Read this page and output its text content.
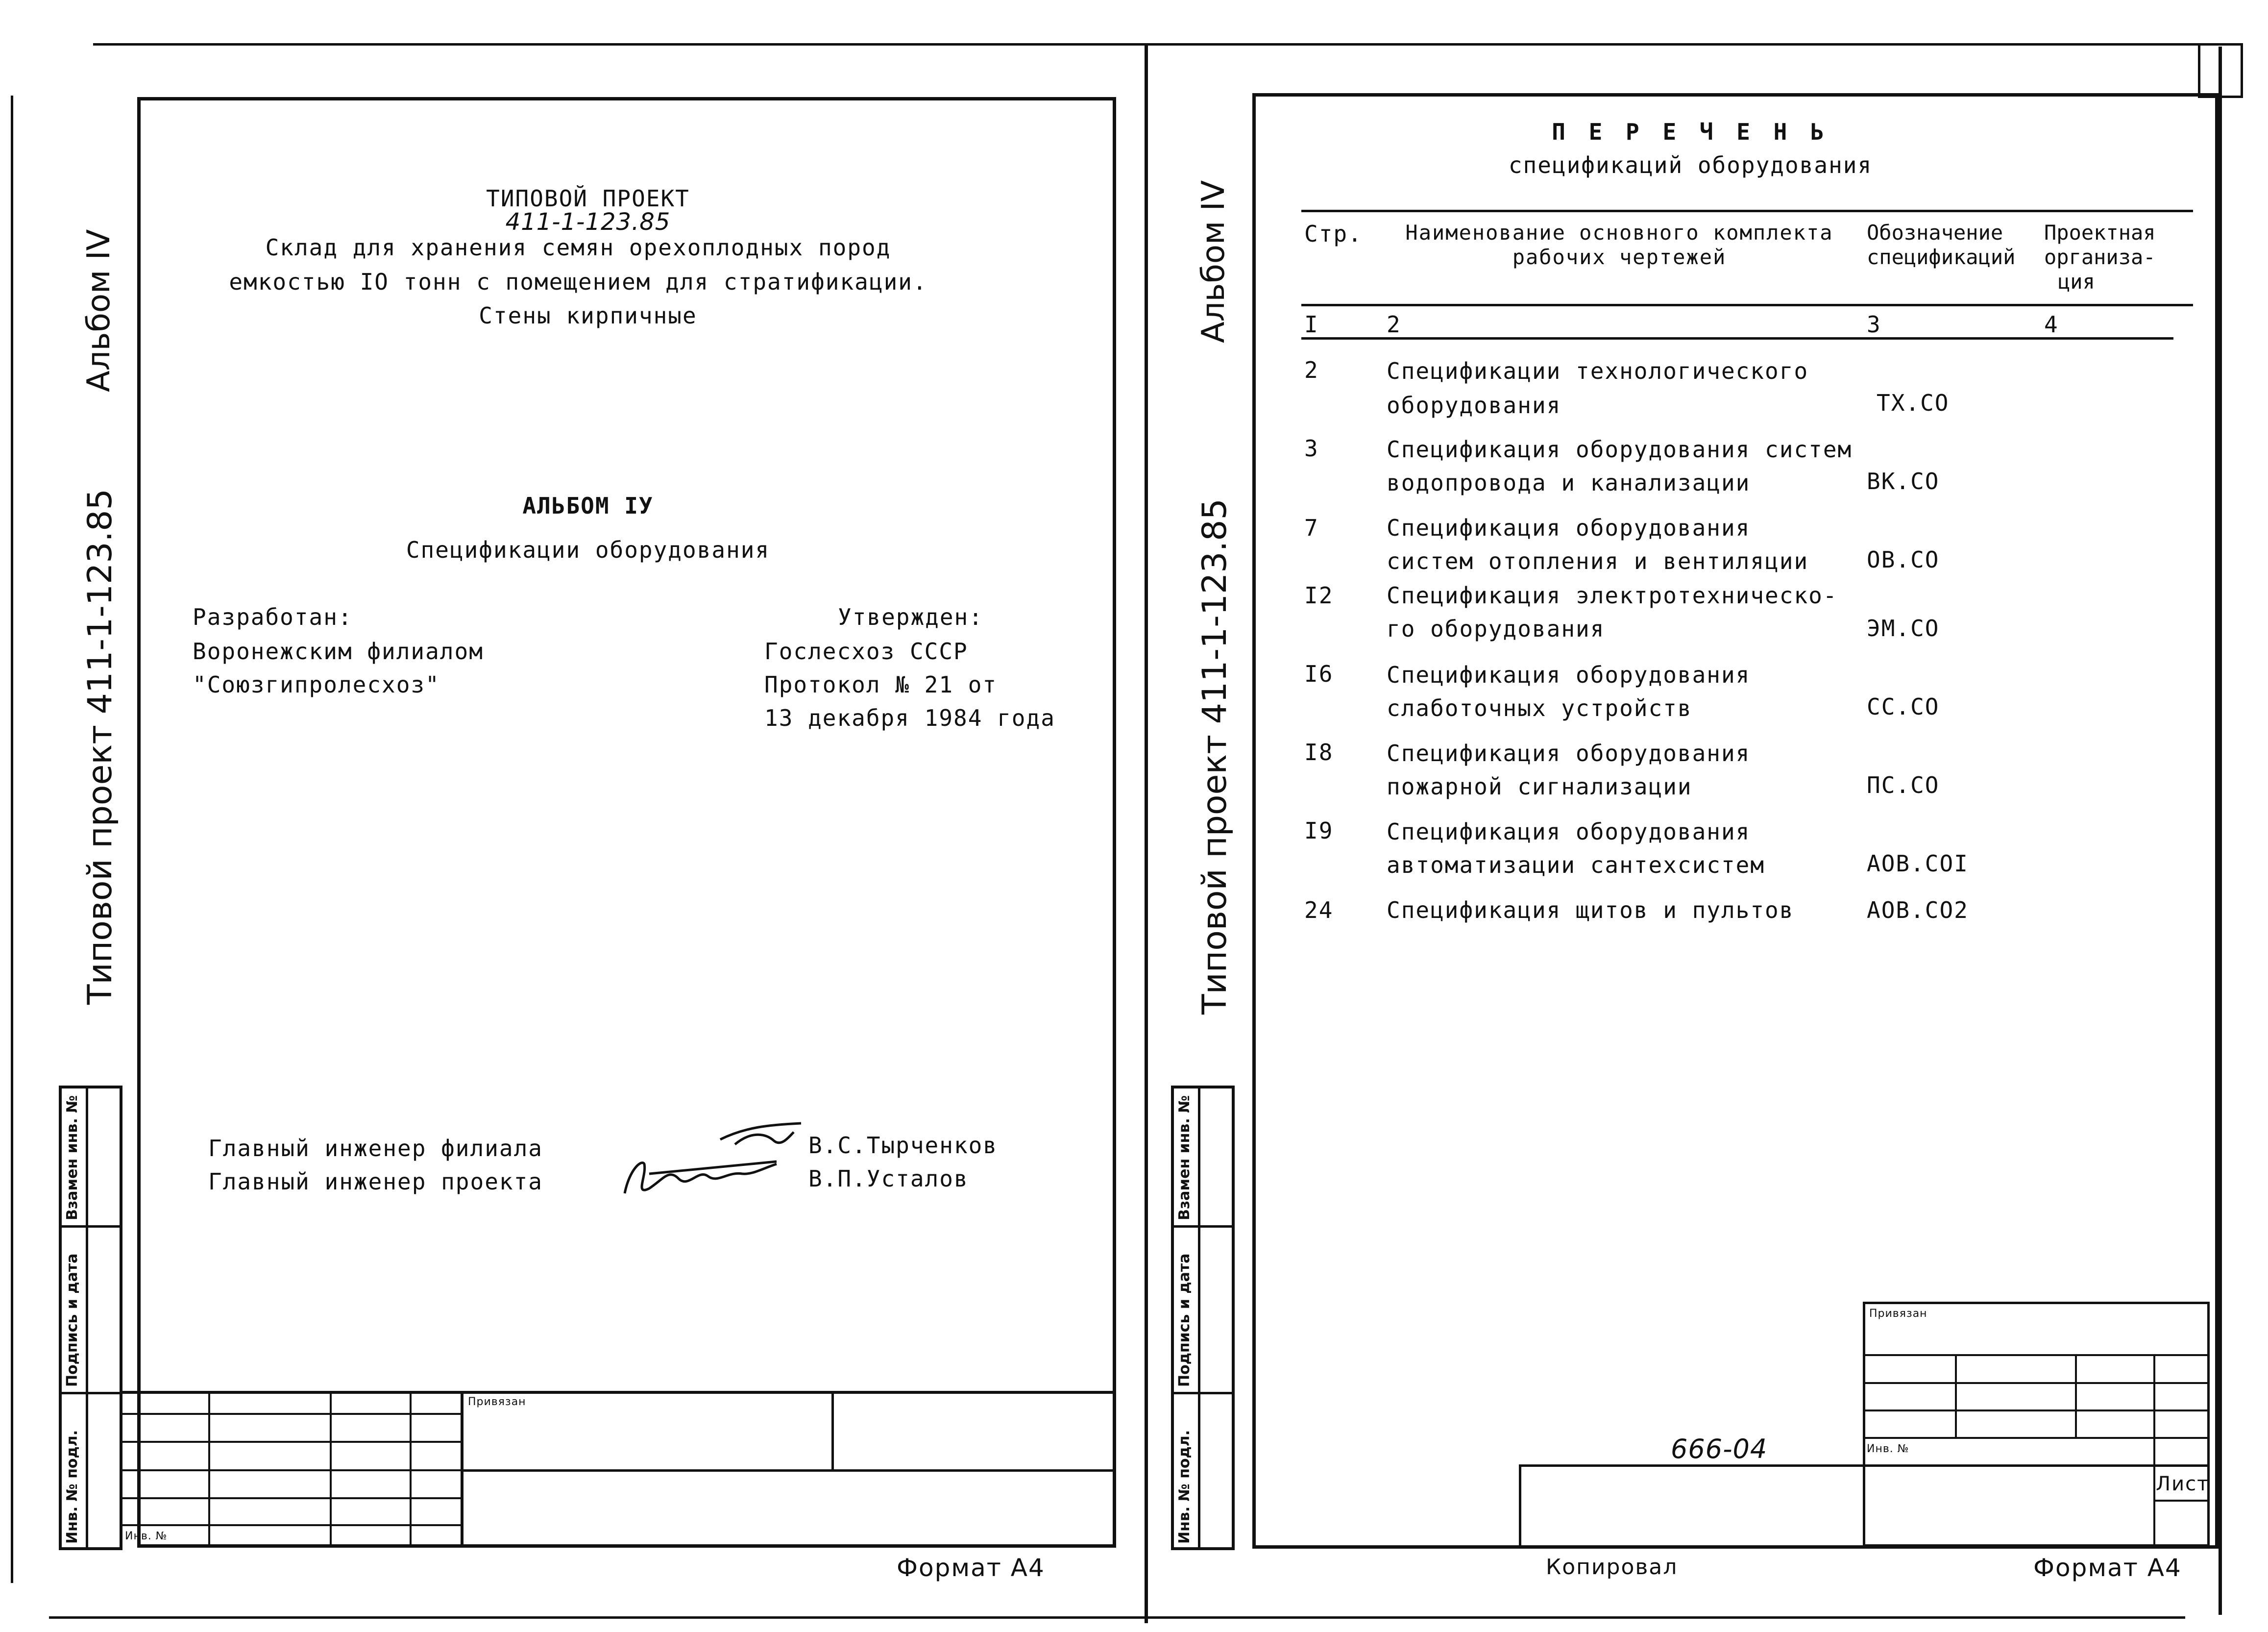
Инв. № подл.
Подпись и дата
Взамен инв. №
Альбом IV
Типовой проект 411-1-123.85
ТИПОВОЙ ПРОЕКТ
411-1-123.85
Склад для хранения семян орехоплодных пород
емкостью IO тонн с помещением для стратификации.
Стены кирпичные
АЛЬБОМ IУ
Спецификации оборудования
Разработан:
Воронежским филиалом
"Союзгипролесхоз"
Утвержден:
Гослесхоз СССР
Протокол № 21 от
13 декабря 1984 года
Главный инженер филиала	В.С.Тырченков
Главный инженер проекта	В.П.Усталов
Привязан
Инв. №
Формат А4
Инв. № подл.
Подпись и дата
Взамен инв. №
Альбом IV
Типовой проект 411-1-123.85
П Е Р Е Ч Е Н Ь
спецификаций оборудования
Стр.	Наименование основного комплекта
рабочих чертежей
Обозначение
спецификаций
Проектная
организа-
ция
I	2	3	4
2	Спецификации технологического
оборудования	ТХ.СО
3	Спецификация оборудования систем
водопровода и канализации	ВК.СО
7	Спецификация оборудования
систем отопления и вентиляции	ОВ.СО
I2 Спецификация электротехническо-
го оборудования	ЭМ.СО
I6 Спецификация оборудования
слаботочных устройств	СС.СО
I8 Спецификация оборудования
пожарной сигнализации	ПС.СО
I9 Спецификация оборудования
автоматизации сантехсистем	АОВ.СОI
24 Спецификация щитов и пультов	АОВ.СО2
Привязан
Инв. №
Лист
666-04
Копировал	Формат А4
